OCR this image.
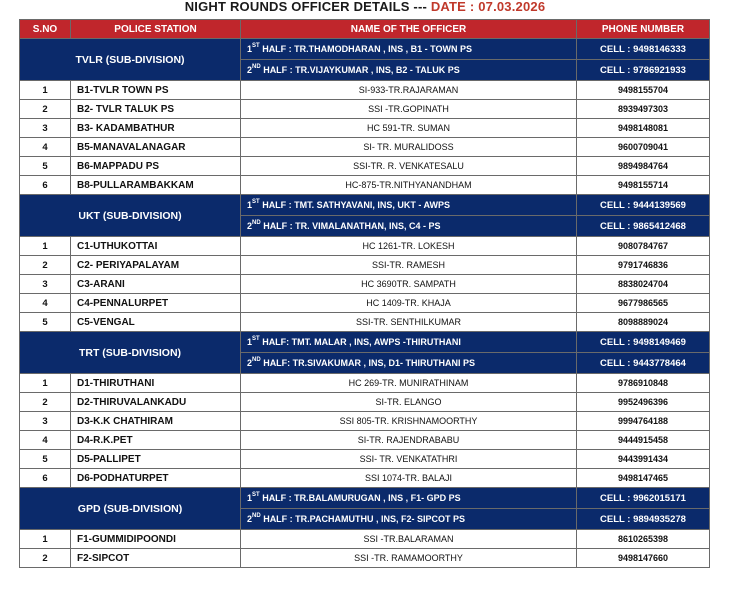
NIGHT ROUNDS OFFICER DETAILS --- DATE : 07.03.2026
S.NO	POLICE STATION	NAME OF THE OFFICER	PHONE NUMBER
TVLR (SUB-DIVISION)		1ST HALF : TR.THAMODHARAN , INS , B1 - TOWN PS	CELL : 9498146333
		2ND HALF : TR.VIJAYKUMAR , INS, B2 - TALUK PS	CELL : 9786921933
1	B1-TVLR TOWN PS	SI-933-TR.RAJARAMAN	9498155704
2	B2- TVLR TALUK PS	SSI -TR.GOPINATH	8939497303
3	B3- KADAMBATHUR	HC 591-TR. SUMAN	9498148081
4	B5-MANAVALANAGAR	SI- TR. MURALIDOSS	9600709041
5	B6-MAPPADU PS	SSI-TR. R. VENKATESALU	9894984764
6	B8-PULLARAMBAKKAM	HC-875-TR.NITHYANANDHAM	9498155714
UKT (SUB-DIVISION)		1ST HALF : TMT. SATHYAVANI, INS, UKT - AWPS	CELL : 9444139569
		2ND HALF : TR. VIMALANATHAN, INS, C4 - PS	CELL : 9865412468
1	C1-UTHUKOTTAI	HC 1261-TR. LOKESH	9080784767
2	C2- PERIYAPALAYAM	SSI-TR. RAMESH	9791746836
3	C3-ARANI	HC 3690TR. SAMPATH	8838024704
4	C4-PENNALURPET	HC 1409-TR. KHAJA	9677986565
5	C5-VENGAL	SSI-TR. SENTHILKUMAR	8098889024
TRT (SUB-DIVISION)		1ST HALF: TMT. MALAR , INS, AWPS -THIRUTHANI	CELL : 9498149469
		2ND HALF: TR.SIVAKUMAR , INS, D1- THIRUTHANI PS	CELL : 9443778464
1	D1-THIRUTHANI	HC 269-TR. MUNIRATHINAM	9786910848
2	D2-THIRUVALANKADU	SI-TR. ELANGO	9952496396
3	D3-K.K CHATHIRAM	SSI 805-TR. KRISHNAMOORTHY	9994764188
4	D4-R.K.PET	SI-TR. RAJENDRABABU	9444915458
5	D5-PALLIPET	SSI- TR. VENKATATHRI	9443991434
6	D6-PODHATURPET	SSI 1074-TR. BALAJI	9498147465
GPD (SUB-DIVISION)		1ST HALF : TR.BALAMURUGAN , INS , F1- GPD PS	CELL : 9962015171
		2ND HALF : TR.PACHAMUTHU , INS, F2- SIPCOT PS	CELL : 9894935278
1	F1-GUMMIDIPOONDI	SSI -TR.BALARAMAN	8610265398
2	F2-SIPCOT	SSI -TR. RAMAMOORTHY	9498147660
